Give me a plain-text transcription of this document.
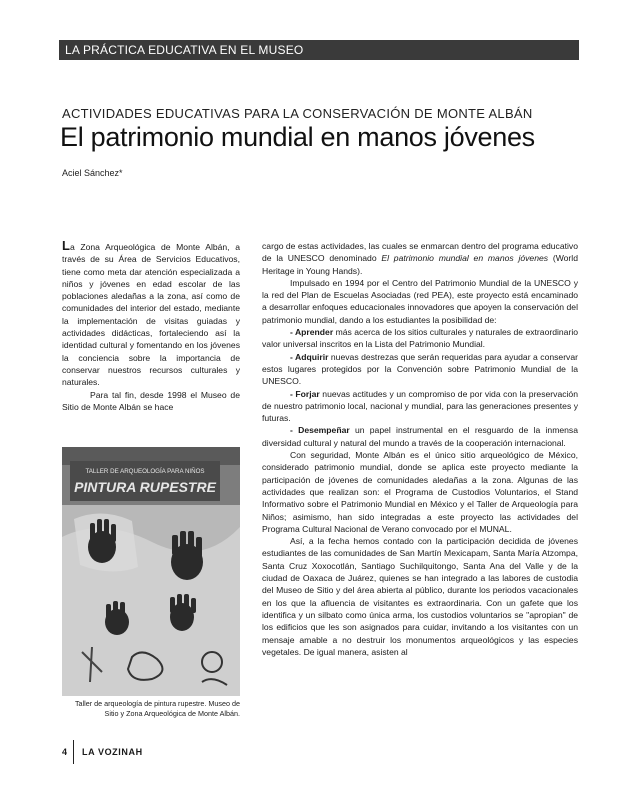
LA PRÁCTICA EDUCATIVA EN EL MUSEO
ACTIVIDADES EDUCATIVAS PARA LA CONSERVACIÓN DE MONTE ALBÁN
El patrimonio mundial en manos jóvenes
Aciel Sánchez*

La Zona Arqueológica de Monte Albán, a través de su Área de Servicios Educativos, tiene como meta dar atención especializada a niños y jóvenes en edad escolar de las poblaciones aledañas a la zona, así como de comunidades del interior del estado, mediante la implementación de visitas guiadas y actividades didácticas, fortaleciendo así la identidad cultural y fomentando en los jóvenes la conciencia sobre la importancia de conservar nuestros recursos culturales y naturales.

Para tal fin, desde 1998 el Museo de Sitio de Monte Albán se hace

TALLER DE ARQUEOLOGÍA PARA NIÑOS
PINTURA RUPESTRE
Taller de arqueología de pintura rupestre. Museo de Sitio y Zona Arqueológica de Monte Albán.

cargo de estas actividades, las cuales se enmarcan dentro del programa educativo de la UNESCO denominado El patrimonio mundial en manos jóvenes (World Heritage in Young Hands).

Impulsado en 1994 por el Centro del Patrimonio Mundial de la UNESCO y la red del Plan de Escuelas Asociadas (red PEA), este proyecto está encaminado a desarrollar enfoques educacionales innovadores que apoyen la conservación del patrimonio mundial, dando a los estudiantes la posibilidad de:

- Aprender más acerca de los sitios culturales y naturales de extraordinario valor universal inscritos en la Lista del Patrimonio Mundial.

- Adquirir nuevas destrezas que serán requeridas para ayudar a conservar estos lugares protegidos por la Convención sobre Patrimonio Mundial de la UNESCO.

- Forjar nuevas actitudes y un compromiso de por vida con la preservación de nuestro patrimonio local, nacional y mundial, para las generaciones presentes y futuras.

- Desempeñar un papel instrumental en el resguardo de la inmensa diversidad cultural y natural del mundo a través de la cooperación internacional.

Con seguridad, Monte Albán es el único sitio arqueológico de México, considerado patrimonio mundial, donde se aplica este proyecto mediante la participación de jóvenes de comunidades aledañas a la zona. Algunas de las actividades que realizan son: el Programa de Custodios Voluntarios, el Stand Informativo sobre el Patrimonio Mundial en México y el Taller de Arqueología para Niños; asimismo, han sido integradas a este proyecto las actividades del Programa Cultural Nacional de Verano convocado por el MUNAL.

Así, a la fecha hemos contado con la participación decidida de jóvenes estudiantes de las comunidades de San Martín Mexicapam, Santa María Atzompa, Santa Cruz Xoxocotlán, Santiago Suchilquitongo, Santa Ana del Valle y de la ciudad de Oaxaca de Juárez, quienes se han integrado a las labores de custodia del Museo de Sitio y del área abierta al público, durante los periodos vacacionales en los que la afluencia de visitantes es extraordinaria. Con un gafete que los identifica y un silbato como única arma, los custodios voluntarios se "apropian" de los edificios que les son asignados para cuidar, invitando a los visitantes con un mensaje amable a no destruir los monumentos arqueológicos y las especies vegetales. De igual manera, asisten al

4 LA VOZINAH
